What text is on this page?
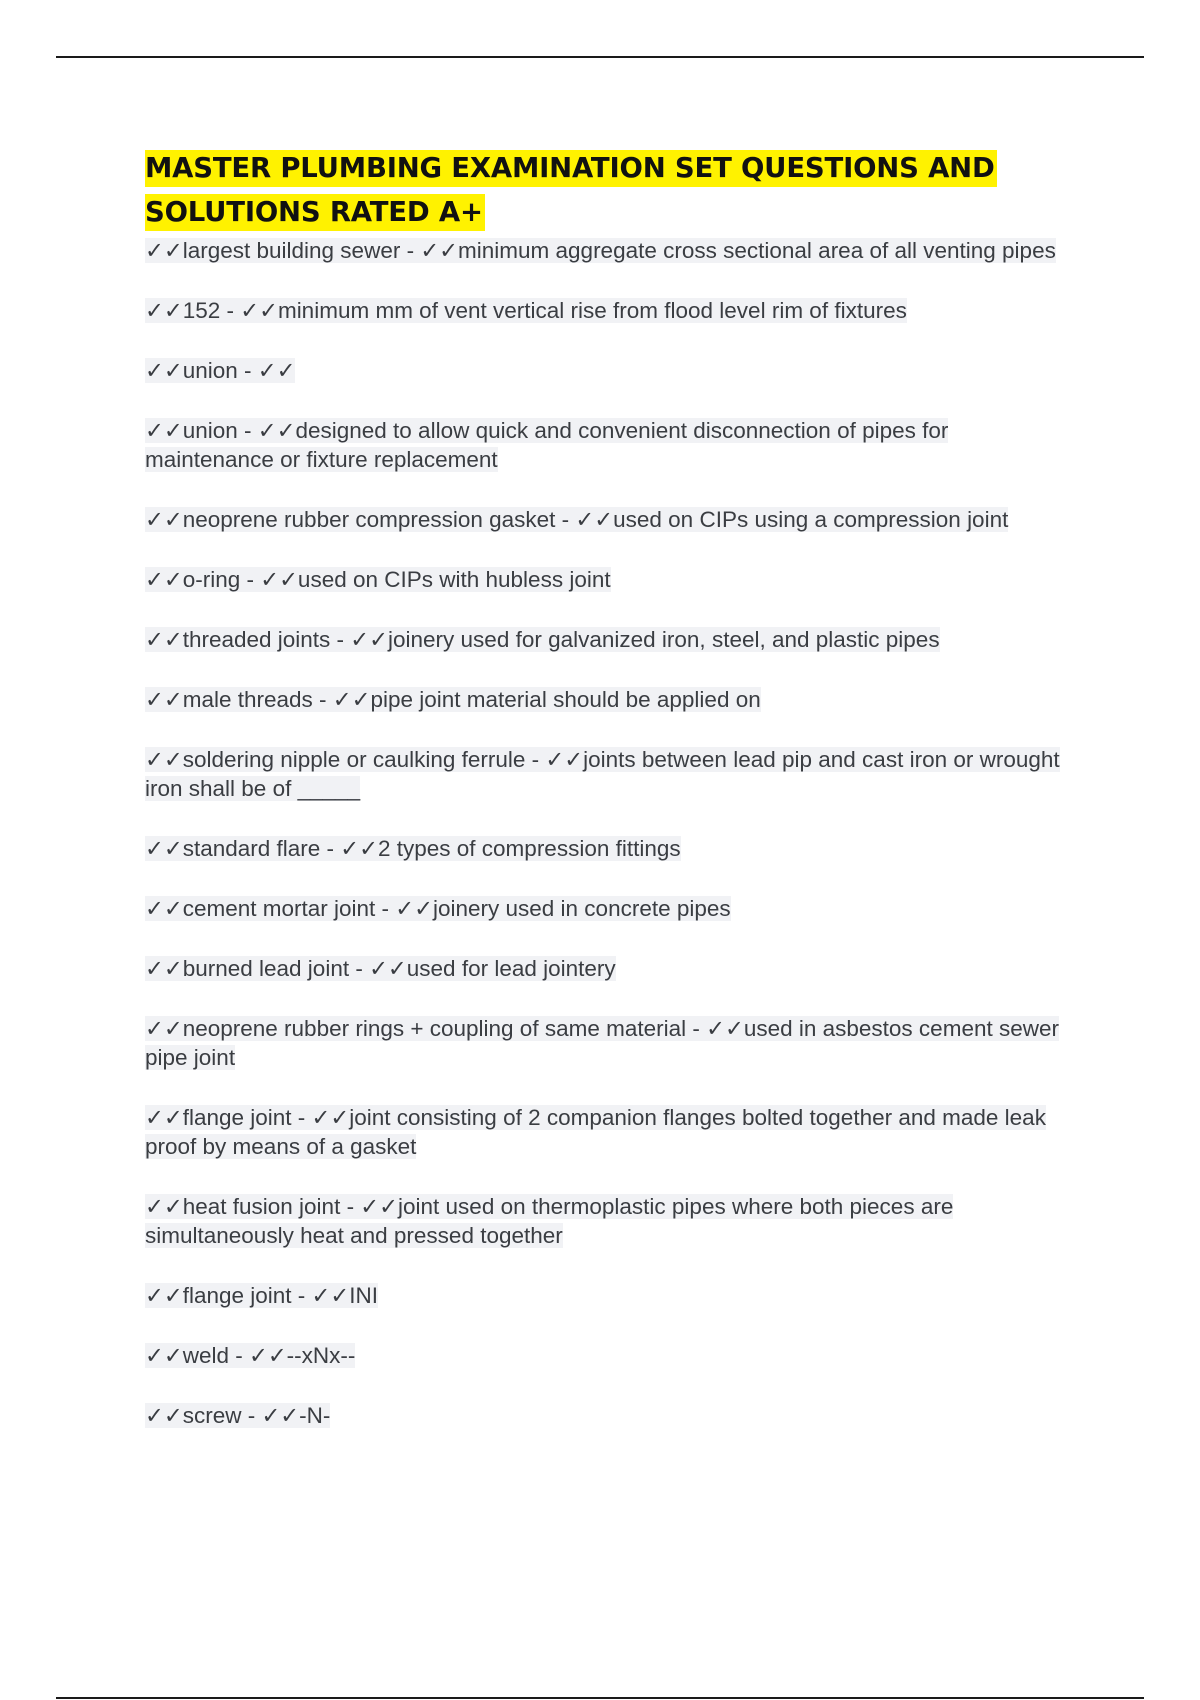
MASTER PLUMBING EXAMINATION SET QUESTIONS AND SOLUTIONS RATED A+
✓✓largest building sewer - ✓✓minimum aggregate cross sectional area of all venting pipes
✓✓152 - ✓✓minimum mm of vent vertical rise from flood level rim of fixtures
✓✓union - ✓✓
✓✓union - ✓✓designed to allow quick and convenient disconnection of pipes for maintenance or fixture replacement
✓✓neoprene rubber compression gasket - ✓✓used on CIPs using a compression joint
✓✓o-ring - ✓✓used on CIPs with hubless joint
✓✓threaded joints - ✓✓joinery used for galvanized iron, steel, and plastic pipes
✓✓male threads - ✓✓pipe joint material should be applied on
✓✓soldering nipple or caulking ferrule - ✓✓joints between lead pip and cast iron or wrought iron shall be of _____
✓✓standard flare - ✓✓2 types of compression fittings
✓✓cement mortar joint - ✓✓joinery used in concrete pipes
✓✓burned lead joint - ✓✓used for lead jointery
✓✓neoprene rubber rings + coupling of same material - ✓✓used in asbestos cement sewer pipe joint
✓✓flange joint - ✓✓joint consisting of 2 companion flanges bolted together and made leak proof by means of a gasket
✓✓heat fusion joint - ✓✓joint used on thermoplastic pipes where both pieces are simultaneously heat and pressed together
✓✓flange joint - ✓✓INI
✓✓weld - ✓✓--xNx--
✓✓screw - ✓✓-N-
